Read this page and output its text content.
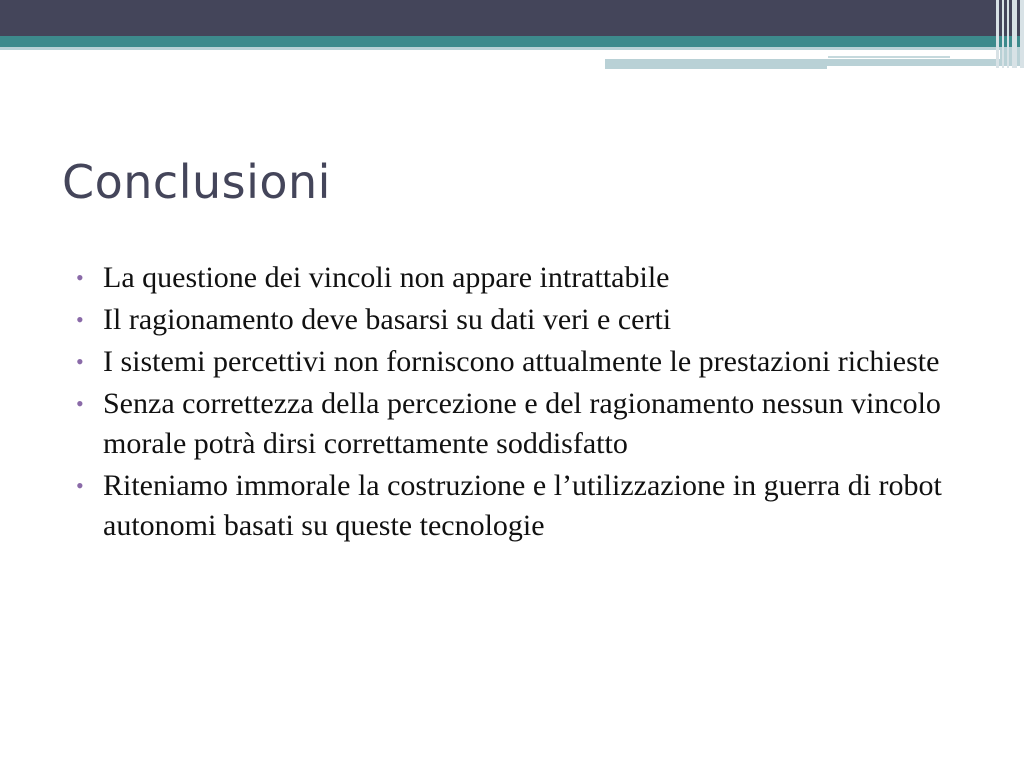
Conclusioni
• La questione dei vincoli non appare intrattabile
• Il ragionamento deve basarsi su dati veri e certi
• I sistemi percettivi non forniscono attualmente le prestazioni richieste
• Senza correttezza della percezione e del ragionamento nessun vincolo morale potrà dirsi correttamente soddisfatto
• Riteniamo immorale la costruzione e l’utilizzazione in guerra di robot autonomi basati su queste tecnologie
